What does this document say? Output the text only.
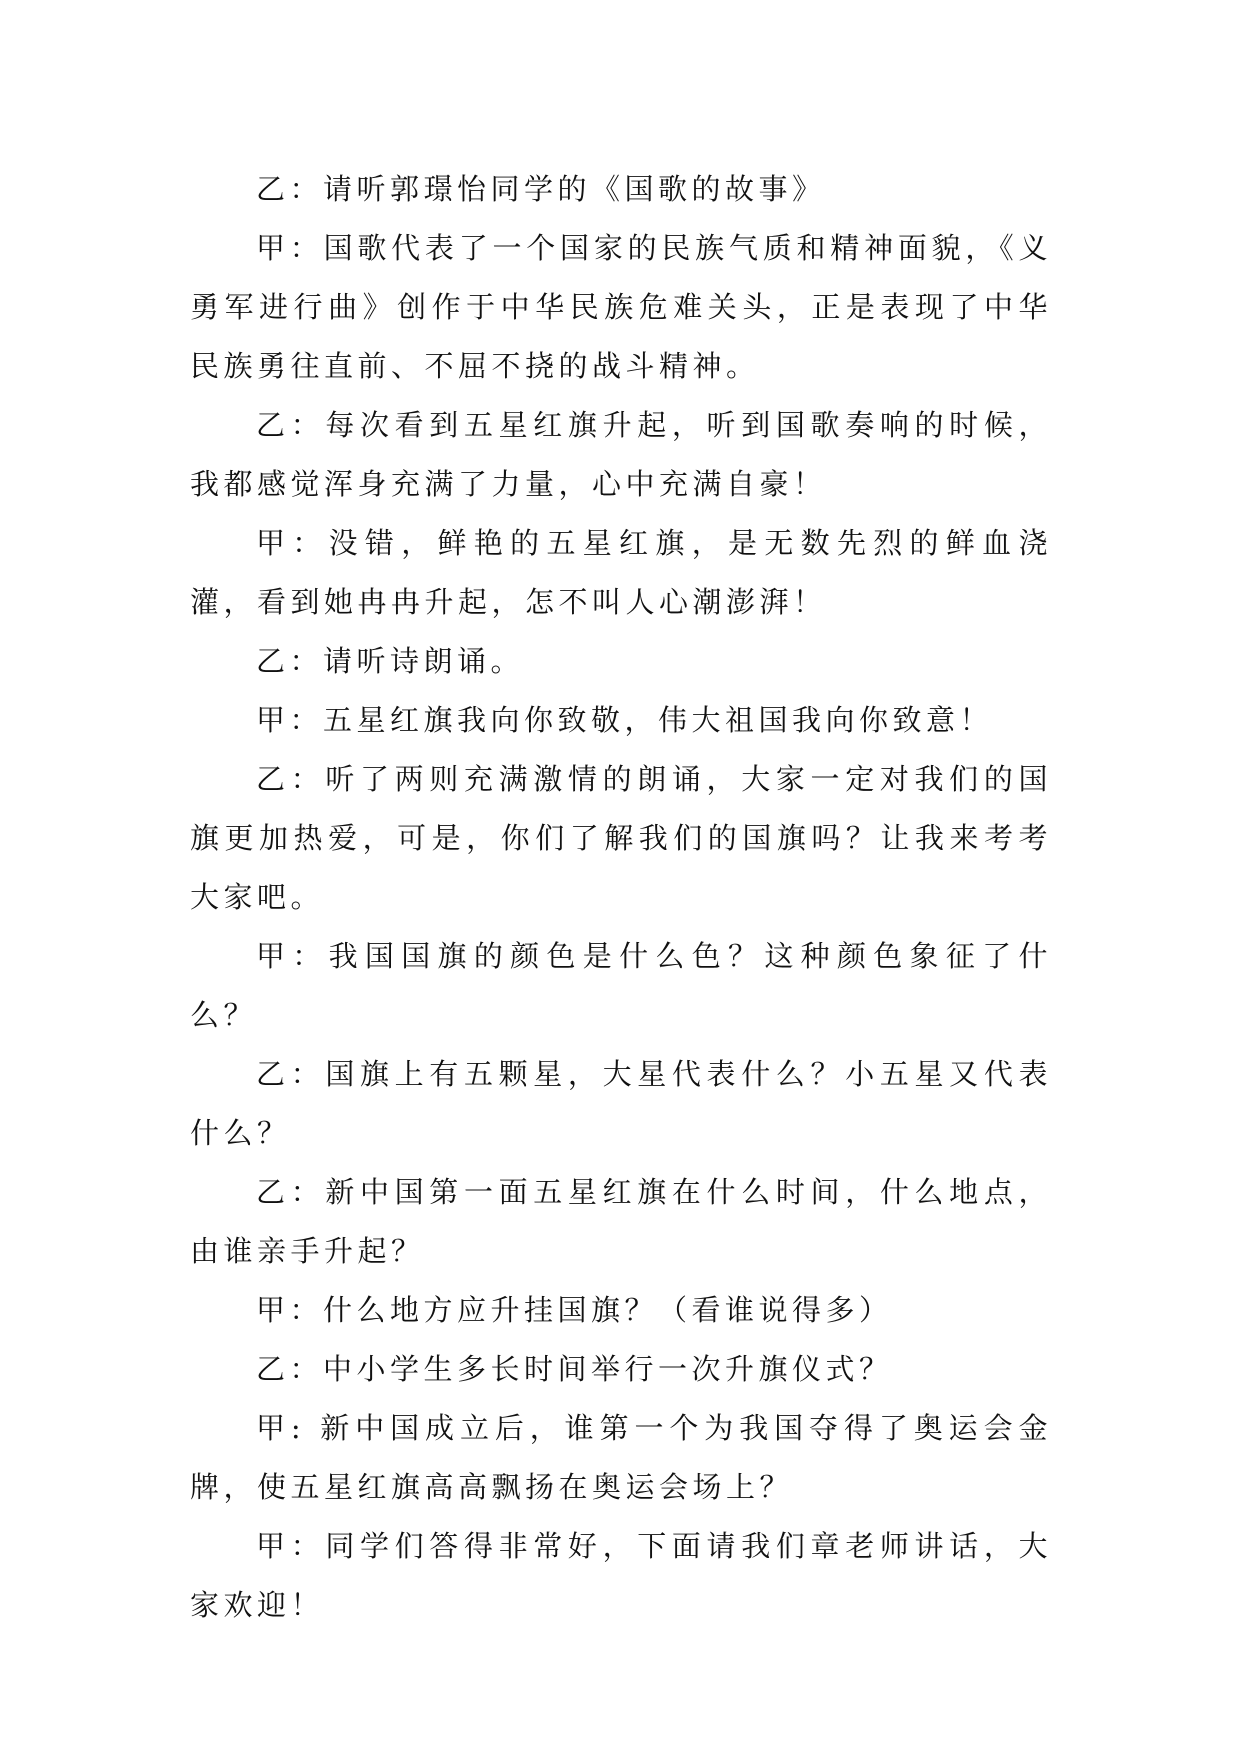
乙：请听郭璟怡同学的《国歌的故事》

甲：国歌代表了一个国家的民族气质和精神面貌，《义勇军进行曲》创作于中华民族危难关头，正是表现了中华民族勇往直前、不屈不挠的战斗精神。

乙：每次看到五星红旗升起，听到国歌奏响的时候，我都感觉浑身充满了力量，心中充满自豪！

甲：没错，鲜艳的五星红旗，是无数先烈的鲜血浇灌，看到她冉冉升起，怎不叫人心潮澎湃！

乙：请听诗朗诵。

甲：五星红旗我向你致敬，伟大祖国我向你致意！

乙：听了两则充满激情的朗诵，大家一定对我们的国旗更加热爱，可是，你们了解我们的国旗吗？让我来考考大家吧。

甲：我国国旗的颜色是什么色？这种颜色象征了什么？

乙：国旗上有五颗星，大星代表什么？小五星又代表什么？

乙：新中国第一面五星红旗在什么时间，什么地点，由谁亲手升起？

甲：什么地方应升挂国旗？（看谁说得多）

乙：中小学生多长时间举行一次升旗仪式？

甲: 新中国成立后，谁第一个为我国夺得了奥运会金牌，使五星红旗高高飘扬在奥运会场上？

甲：同学们答得非常好，下面请我们章老师讲话，大家欢迎！
